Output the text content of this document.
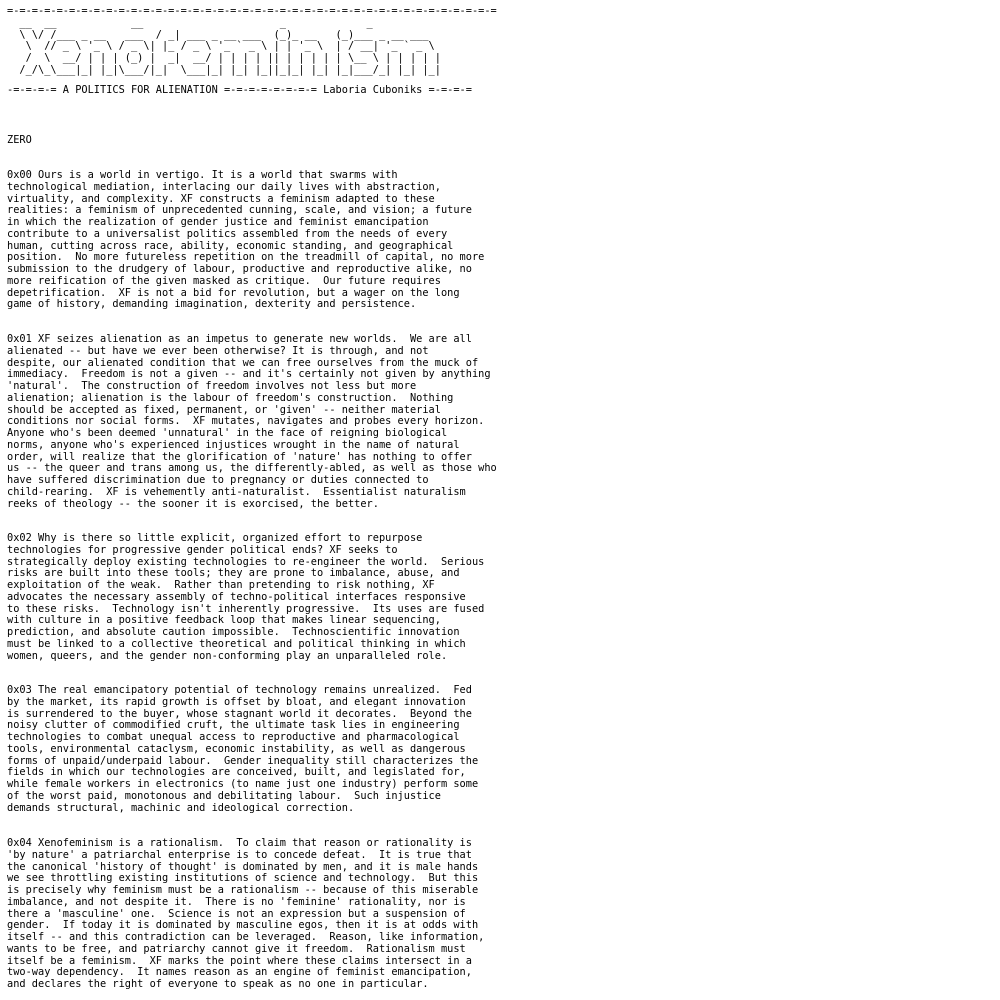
=-=-=-=-=-=-=-=-=-=-=-=-=-=-=-=-=-=-=-=-=-=-=-=-=-=-=-=-=-=-=-=-=-=-=-=-=-=-=-=
__  __            __                      _             _
\ \/ /___ _ __   ___  / _| ___ _ __ ___  (_)_ __   (_)___ _ __ ___
\  // _ \ '_ \ / _ \| |_ / _ \ '_ ` _ \ | | '_ \  | / __| '_ ` _ \
/  \  __/ | | | (_) |  _|  __/ | | | | || | | | | | \__ \ | | | | |
/_/\_\___|_| |_|\___/|_|  \___|_| |_| |_||_|_| |_| |_|___/_| |_| |_|
-=-=-=-= A POLITICS FOR ALIENATION =-=-=-=-=-=-=-= Laboria Cuboniks =-=-=-=
ZERO
0x00 Ours is a world in vertigo. It is a world that swarms with
technological mediation, interlacing our daily lives with abstraction,
virtuality, and complexity. XF constructs a feminism adapted to these
realities: a feminism of unprecedented cunning, scale, and vision; a future
in which the realization of gender justice and feminist emancipation
contribute to a universalist politics assembled from the needs of every
human, cutting across race, ability, economic standing, and geographical
position.  No more futureless repetition on the treadmill of capital, no more
submission to the drudgery of labour, productive and reproductive alike, no
more reification of the given masked as critique.  Our future requires
depetrification.  XF is not a bid for revolution, but a wager on the long
game of history, demanding imagination, dexterity and persistence.
0x01 XF seizes alienation as an impetus to generate new worlds.  We are all
alienated -- but have we ever been otherwise? It is through, and not
despite, our alienated condition that we can free ourselves from the muck of
immediacy.  Freedom is not a given -- and it's certainly not given by anything
'natural'.  The construction of freedom involves not less but more
alienation; alienation is the labour of freedom's construction.  Nothing
should be accepted as fixed, permanent, or 'given' -- neither material
conditions nor social forms.  XF mutates, navigates and probes every horizon.
Anyone who's been deemed 'unnatural' in the face of reigning biological
norms, anyone who's experienced injustices wrought in the name of natural
order, will realize that the glorification of 'nature' has nothing to offer
us -- the queer and trans among us, the differently-abled, as well as those who
have suffered discrimination due to pregnancy or duties connected to
child-rearing.  XF is vehemently anti-naturalist.  Essentialist naturalism
reeks of theology -- the sooner it is exorcised, the better.
0x02 Why is there so little explicit, organized effort to repurpose
technologies for progressive gender political ends? XF seeks to
strategically deploy existing technologies to re-engineer the world.  Serious
risks are built into these tools; they are prone to imbalance, abuse, and
exploitation of the weak.  Rather than pretending to risk nothing, XF
advocates the necessary assembly of techno-political interfaces responsive
to these risks.  Technology isn't inherently progressive.  Its uses are fused
with culture in a positive feedback loop that makes linear sequencing,
prediction, and absolute caution impossible.  Technoscientific innovation
must be linked to a collective theoretical and political thinking in which
women, queers, and the gender non-conforming play an unparalleled role.
0x03 The real emancipatory potential of technology remains unrealized.  Fed
by the market, its rapid growth is offset by bloat, and elegant innovation
is surrendered to the buyer, whose stagnant world it decorates.  Beyond the
noisy clutter of commodified cruft, the ultimate task lies in engineering
technologies to combat unequal access to reproductive and pharmacological
tools, environmental cataclysm, economic instability, as well as dangerous
forms of unpaid/underpaid labour.  Gender inequality still characterizes the
fields in which our technologies are conceived, built, and legislated for,
while female workers in electronics (to name just one industry) perform some
of the worst paid, monotonous and debilitating labour.  Such injustice
demands structural, machinic and ideological correction.
0x04 Xenofeminism is a rationalism.  To claim that reason or rationality is
'by nature' a patriarchal enterprise is to concede defeat.  It is true that
the canonical 'history of thought' is dominated by men, and it is male hands
we see throttling existing institutions of science and technology.  But this
is precisely why feminism must be a rationalism -- because of this miserable
imbalance, and not despite it.  There is no 'feminine' rationality, nor is
there a 'masculine' one.  Science is not an expression but a suspension of
gender.  If today it is dominated by masculine egos, then it is at odds with
itself -- and this contradiction can be leveraged.  Reason, like information,
wants to be free, and patriarchy cannot give it freedom.  Rationalism must
itself be a feminism.  XF marks the point where these claims intersect in a
two-way dependency.  It names reason as an engine of feminist emancipation,
and declares the right of everyone to speak as no one in particular.
